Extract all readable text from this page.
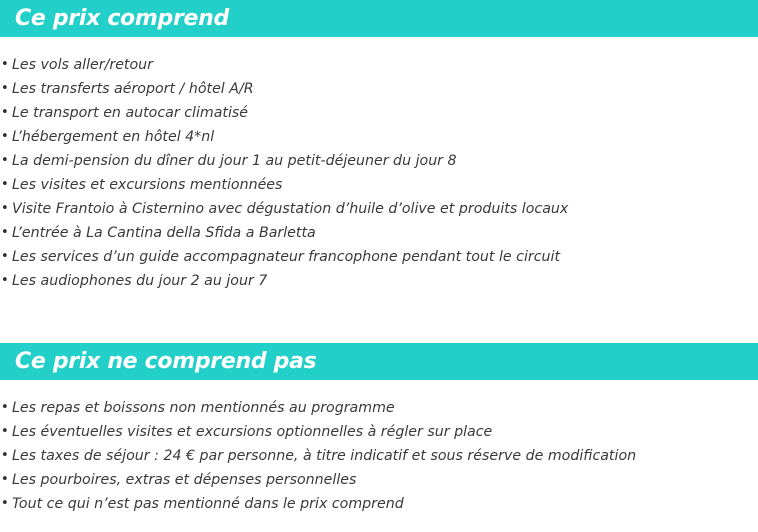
Ce prix comprend
• Les vols aller/retour
• Les transferts aéroport / hôtel A/R
• Le transport en autocar climatisé
• L’hébergement en hôtel 4*nl
• La demi-pension du dîner du jour 1 au petit-déjeuner du jour 8
• Les visites et excursions mentionnées
• Visite Frantoio à Cisternino avec dégustation d’huile d’olive et produits locaux
• L’entrée à La Cantina della Sfida a Barletta
• Les services d’un guide accompagnateur francophone pendant tout le circuit
• Les audiophones du jour 2 au jour 7
Ce prix ne comprend pas
• Les repas et boissons non mentionnés au programme
• Les éventuelles visites et excursions optionnelles à régler sur place
• Les taxes de séjour : 24 € par personne, à titre indicatif et sous réserve de modification
• Les pourboires, extras et dépenses personnelles
• Tout ce qui n’est pas mentionné dans le prix comprend
